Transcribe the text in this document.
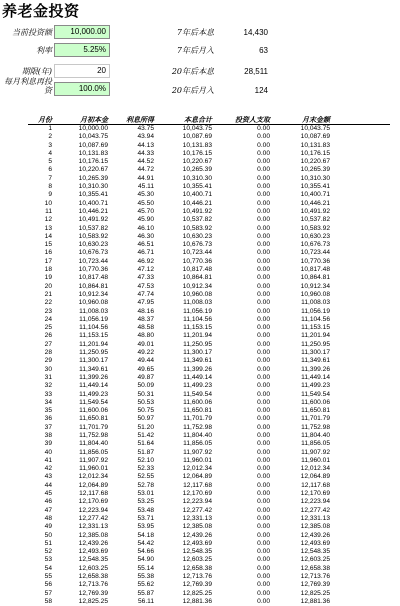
养老金投资
当前投资额	10,000.00
利率	5.25%
期限(年)	20
每月利息再投资	100.0%
7年后本息	14,430
7年后月入	63
20年后本息	28,511
20年后月入	124
月份	月初本金	利息所得	本息合计	投资人支取	月末金额
1	10,000.00	43.75	10,043.75	0.00	10,043.75
2	10,043.75	43.94	10,087.69	0.00	10,087.69
3	10,087.69	44.13	10,131.83	0.00	10,131.83
4	10,131.83	44.33	10,176.15	0.00	10,176.15
5	10,176.15	44.52	10,220.67	0.00	10,220.67
6	10,220.67	44.72	10,265.39	0.00	10,265.39
7	10,265.39	44.91	10,310.30	0.00	10,310.30
8	10,310.30	45.11	10,355.41	0.00	10,355.41
9	10,355.41	45.30	10,400.71	0.00	10,400.71
10	10,400.71	45.50	10,446.21	0.00	10,446.21
11	10,446.21	45.70	10,491.92	0.00	10,491.92
12	10,491.92	45.90	10,537.82	0.00	10,537.82
13	10,537.82	46.10	10,583.92	0.00	10,583.92
14	10,583.92	46.30	10,630.23	0.00	10,630.23
15	10,630.23	46.51	10,676.73	0.00	10,676.73
16	10,676.73	46.71	10,723.44	0.00	10,723.44
17	10,723.44	46.92	10,770.36	0.00	10,770.36
18	10,770.36	47.12	10,817.48	0.00	10,817.48
19	10,817.48	47.33	10,864.81	0.00	10,864.81
20	10,864.81	47.53	10,912.34	0.00	10,912.34
21	10,912.34	47.74	10,960.08	0.00	10,960.08
22	10,960.08	47.95	11,008.03	0.00	11,008.03
23	11,008.03	48.16	11,056.19	0.00	11,056.19
24	11,056.19	48.37	11,104.56	0.00	11,104.56
25	11,104.56	48.58	11,153.15	0.00	11,153.15
26	11,153.15	48.80	11,201.94	0.00	11,201.94
27	11,201.94	49.01	11,250.95	0.00	11,250.95
28	11,250.95	49.22	11,300.17	0.00	11,300.17
29	11,300.17	49.44	11,349.61	0.00	11,349.61
30	11,349.61	49.65	11,399.26	0.00	11,399.26
31	11,399.26	49.87	11,449.14	0.00	11,449.14
32	11,449.14	50.09	11,499.23	0.00	11,499.23
33	11,499.23	50.31	11,549.54	0.00	11,549.54
34	11,549.54	50.53	11,600.06	0.00	11,600.06
35	11,600.06	50.75	11,650.81	0.00	11,650.81
36	11,650.81	50.97	11,701.79	0.00	11,701.79
37	11,701.79	51.20	11,752.98	0.00	11,752.98
38	11,752.98	51.42	11,804.40	0.00	11,804.40
39	11,804.40	51.64	11,856.05	0.00	11,856.05
40	11,856.05	51.87	11,907.92	0.00	11,907.92
41	11,907.92	52.10	11,960.01	0.00	11,960.01
42	11,960.01	52.33	12,012.34	0.00	12,012.34
43	12,012.34	52.55	12,064.89	0.00	12,064.89
44	12,064.89	52.78	12,117.68	0.00	12,117.68
45	12,117.68	53.01	12,170.69	0.00	12,170.69
46	12,170.69	53.25	12,223.94	0.00	12,223.94
47	12,223.94	53.48	12,277.42	0.00	12,277.42
48	12,277.42	53.71	12,331.13	0.00	12,331.13
49	12,331.13	53.95	12,385.08	0.00	12,385.08
50	12,385.08	54.18	12,439.26	0.00	12,439.26
51	12,439.26	54.42	12,493.69	0.00	12,493.69
52	12,493.69	54.66	12,548.35	0.00	12,548.35
53	12,548.35	54.90	12,603.25	0.00	12,603.25
54	12,603.25	55.14	12,658.38	0.00	12,658.38
55	12,658.38	55.38	12,713.76	0.00	12,713.76
56	12,713.76	55.62	12,769.39	0.00	12,769.39
57	12,769.39	55.87	12,825.25	0.00	12,825.25
58	12,825.25	56.11	12,881.36	0.00	12,881.36
